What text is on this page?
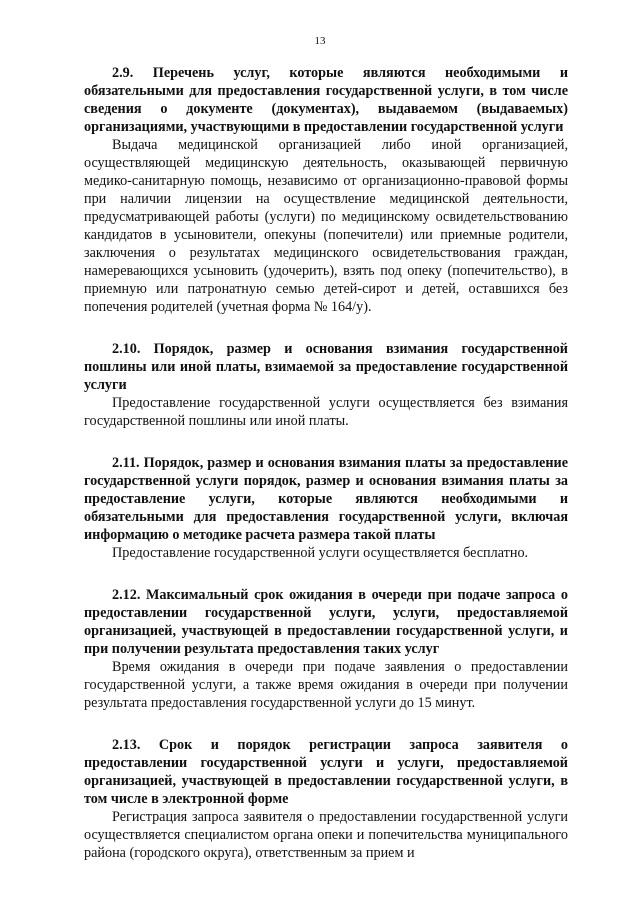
13

2.9. Перечень услуг, которые являются необходимыми и обязательными для предоставления государственной услуги, в том числе сведения о документе (документах), выдаваемом (выдаваемых) организациями, участвующими в предоставлении государственной услуги

Выдача медицинской организацией либо иной организацией, осуществляющей медицинскую деятельность, оказывающей первичную медико-санитарную помощь, независимо от организационно-правовой формы при наличии лицензии на осуществление медицинской деятельности, предусматривающей работы (услуги) по медицинскому освидетельствованию кандидатов в усыновители, опекуны (попечители) или приемные родители, заключения о результатах медицинского освидетельствования граждан, намеревающихся усыновить (удочерить), взять под опеку (попечительство), в приемную или патронатную семью детей-сирот и детей, оставшихся без попечения родителей (учетная форма № 164/у).

2.10. Порядок, размер и основания взимания государственной пошлины или иной платы, взимаемой за предоставление государственной услуги

Предоставление государственной услуги осуществляется без взимания государственной пошлины или иной платы.

2.11. Порядок, размер и основания взимания платы за предоставление государственной услуги порядок, размер и основания взимания платы за предоставление услуги, которые являются необходимыми и обязательными для предоставления государственной услуги, включая информацию о методике расчета размера такой платы

Предоставление государственной услуги осуществляется бесплатно.

2.12. Максимальный срок ожидания в очереди при подаче запроса о предоставлении государственной услуги, услуги, предоставляемой организацией, участвующей в предоставлении государственной услуги, и при получении результата предоставления таких услуг

Время ожидания в очереди при подаче заявления о предоставлении государственной услуги, а также время ожидания в очереди при получении результата предоставления государственной услуги до 15 минут.

2.13. Срок и порядок регистрации запроса заявителя о предоставлении государственной услуги и услуги, предоставляемой организацией, участвующей в предоставлении государственной услуги, в том числе в электронной форме

Регистрация запроса заявителя о предоставлении государственной услуги осуществляется специалистом органа опеки и попечительства муниципального района (городского округа), ответственным за прием и
